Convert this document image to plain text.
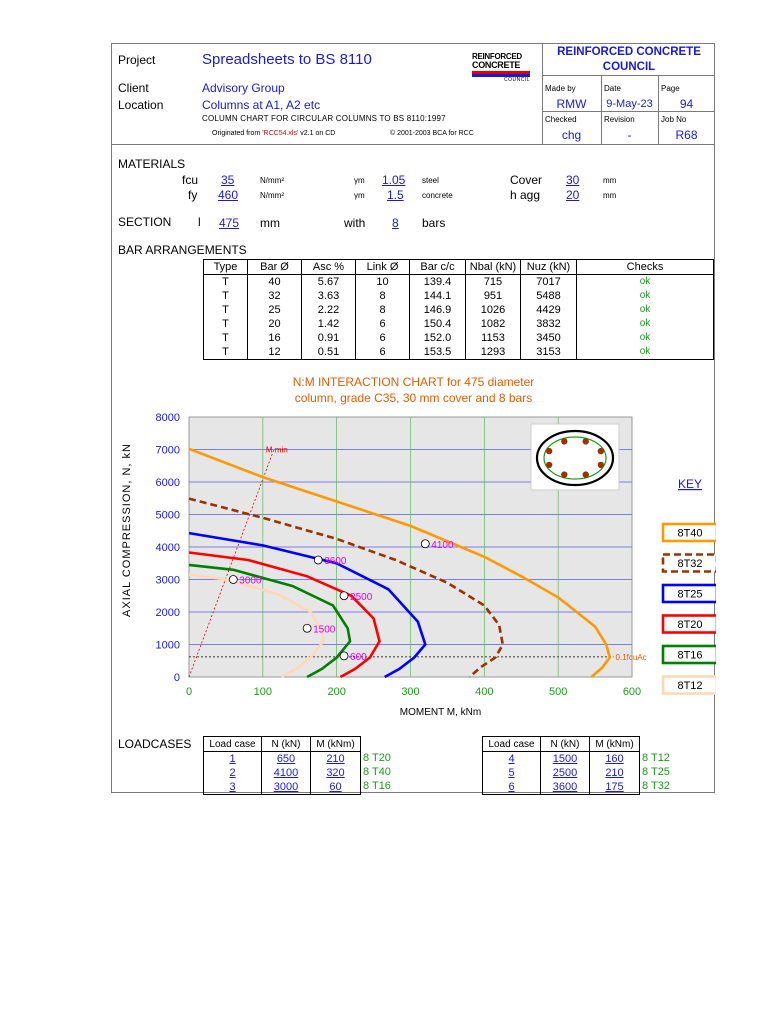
Project	Spreadsheets to BS 8110
Client	Advisory Group
Location	Columns at A1, A2 etc
COLUMN CHART FOR CIRCULAR COLUMNS TO BS 8110:1997
Originated from 'RCC54.xls' v2.1 on CD	© 2001-2003 BCA for RCC
REINFORCED
CONCRETE
COUNCIL
REINFORCED CONCRETE COUNCIL
Made by	Date	Page
RMW	9-May-23	94
Checked	Revision	Job No
chg	-	R68
MATERIALS
fcu 35	N/mm²	γm 1.05 steel	Cover 30	mm
fy 460	N/mm²	γm 1.5 concrete	h agg 20	mm
SECTION l 475 mm	with 8 bars
BAR ARRANGEMENTS
Type	Bar Ø	Asc %	Link Ø	Bar c/c	Nbal (kN)	Nuz (kN)	Checks
T	40	5.67	10	139.4	715	7017	ok
T	32	3.63	8	144.1	951	5488	ok
T	25	2.22	8	146.9	1026	4429	ok
T	20	1.42	6	150.4	1082	3832	ok
T	16	0.91	6	152.0	1153	3450	ok
T	12	0.51	6	153.5	1293	3153	ok
N:M INTERACTION CHART for 475 diameter
column, grade C35, 30 mm cover and 8 bars
AXIAL COMPRESSION, N, kN
0
1000
2000
3000
4000
5000
6000
7000
8000
0	100	200	300	400	500	600
MOMENT M, kNm
0.1fcuAc
M min
600
4100
3000
1500
2500
3600
KEY
8T40
8T32
8T25
8T20
8T16
8T12
LOADCASES Load case	N (kN)	M (kNm)
1	650	210
2	4100	320
3	3000	60
8 T20
8 T40
8 T16
Load case	N (kN)	M (kNm)
4	1500	160
5	2500	210
6	3600	175
8 T12
8 T25
8 T32
